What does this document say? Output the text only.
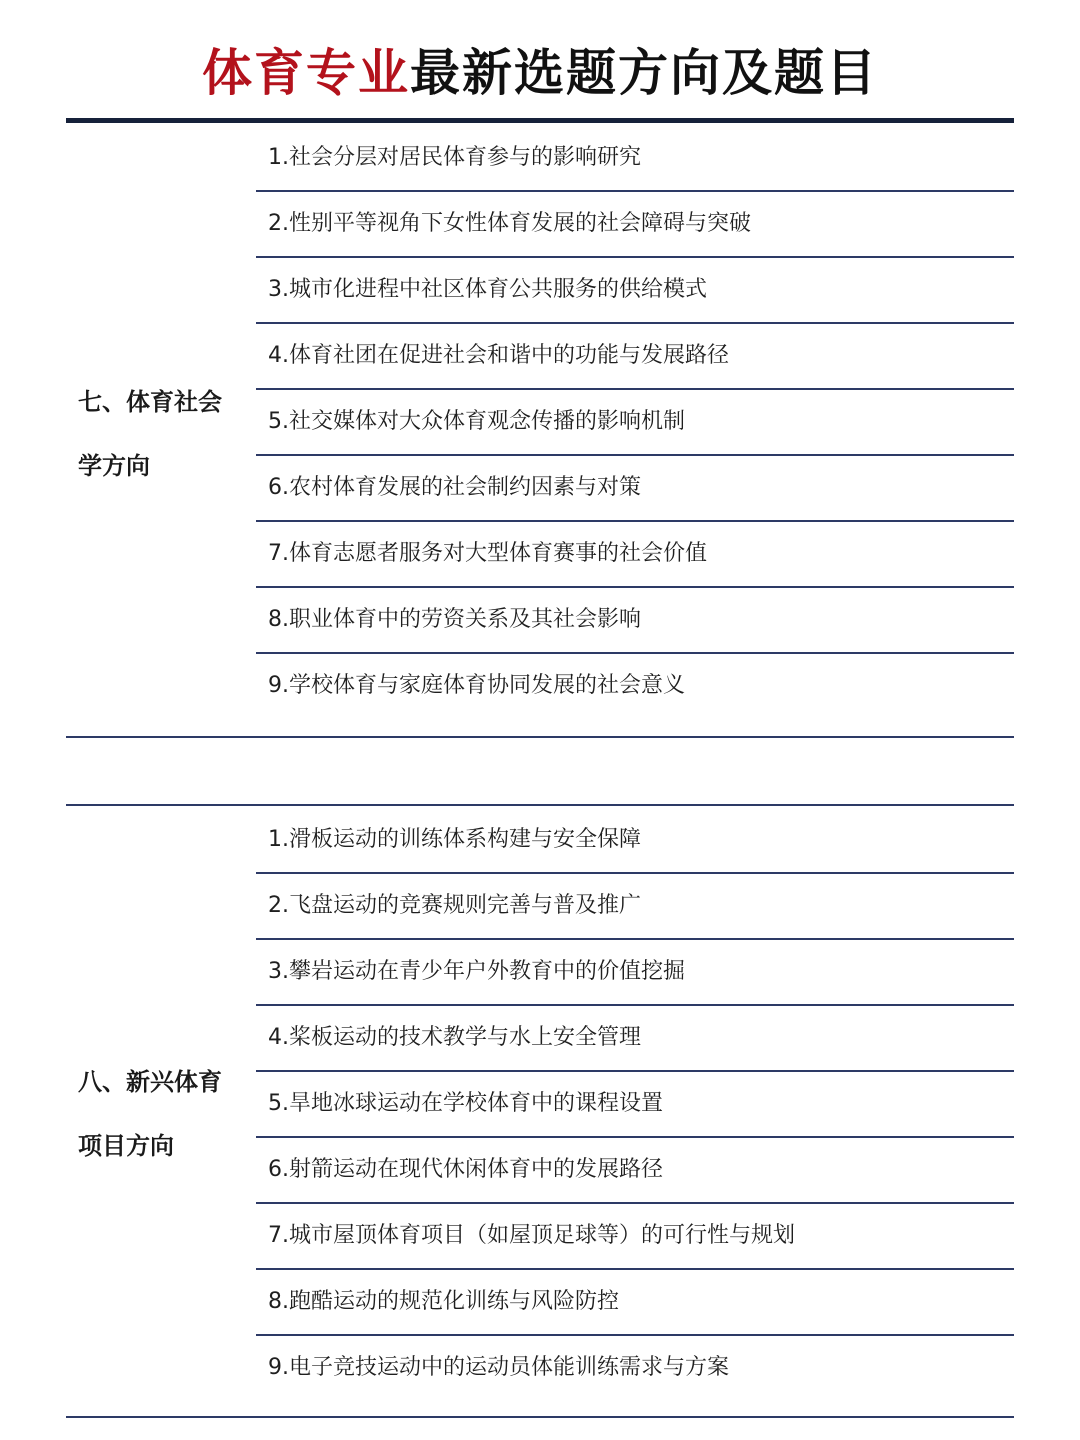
体育专业最新选题方向及题目
七、体育社会
学方向
1.社会分层对居民体育参与的影响研究
2.性别平等视角下女性体育发展的社会障碍与突破
3.城市化进程中社区体育公共服务的供给模式
4.体育社团在促进社会和谐中的功能与发展路径
5.社交媒体对大众体育观念传播的影响机制
6.农村体育发展的社会制约因素与对策
7.体育志愿者服务对大型体育赛事的社会价值
8.职业体育中的劳资关系及其社会影响
9.学校体育与家庭体育协同发展的社会意义
八、新兴体育
项目方向
1.滑板运动的训练体系构建与安全保障
2.飞盘运动的竞赛规则完善与普及推广
3.攀岩运动在青少年户外教育中的价值挖掘
4.桨板运动的技术教学与水上安全管理
5.旱地冰球运动在学校体育中的课程设置
6.射箭运动在现代休闲体育中的发展路径
7.城市屋顶体育项目（如屋顶足球等）的可行性与规划
8.跑酷运动的规范化训练与风险防控
9.电子竞技运动中的运动员体能训练需求与方案
